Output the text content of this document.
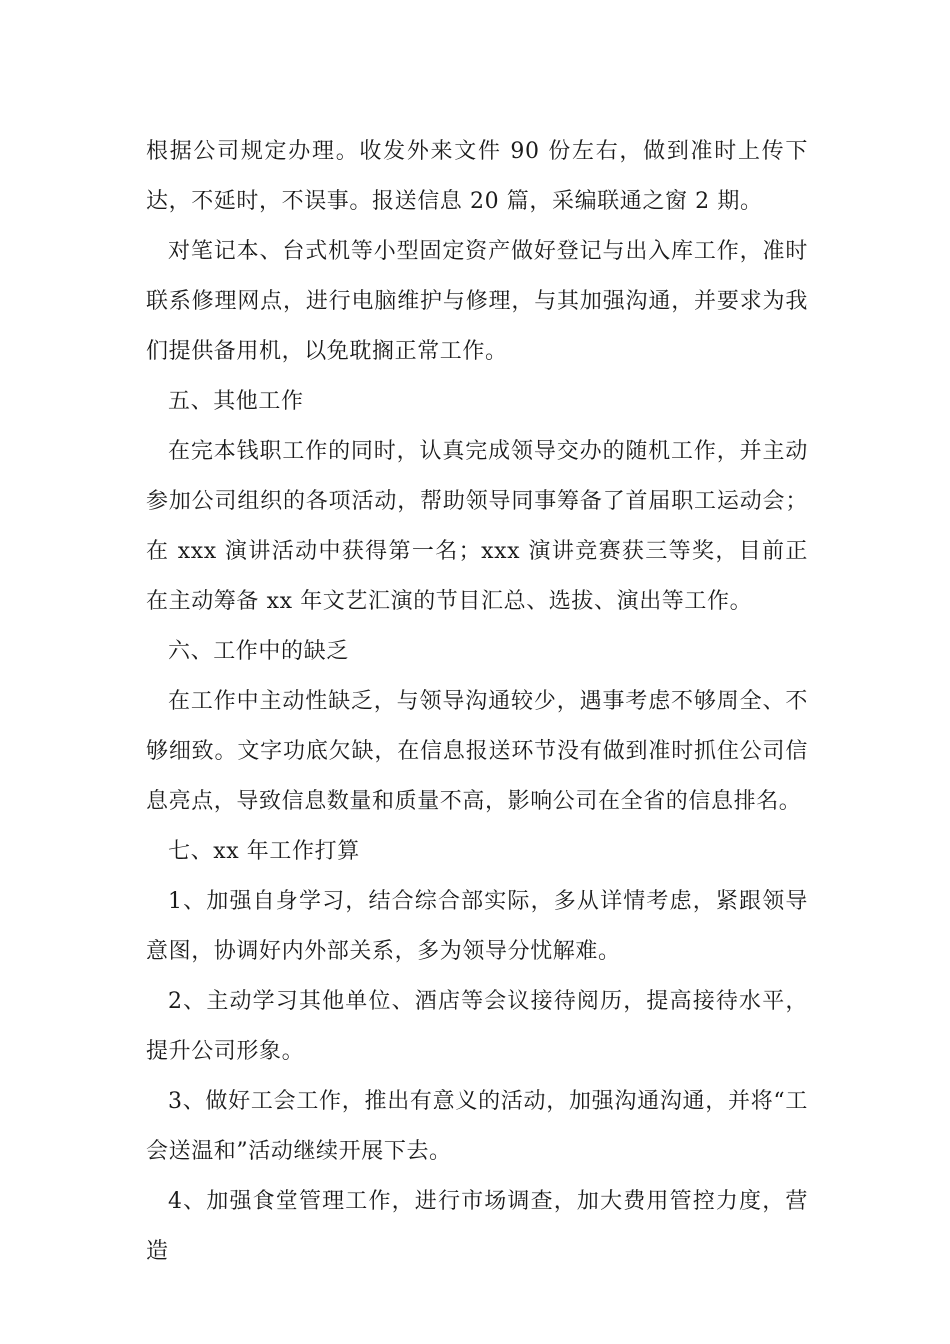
根据公司规定办理。收发外来文件 90 份左右，做到准时上传下达，不延时，不误事。报送信息 20 篇，采编联通之窗 2 期。

对笔记本、台式机等小型固定资产做好登记与出入库工作，准时联系修理网点，进行电脑维护与修理，与其加强沟通，并要求为我们提供备用机，以免耽搁正常工作。

五、其他工作

在完本钱职工作的同时，认真完成领导交办的随机工作，并主动参加公司组织的各项活动，帮助领导同事筹备了首届职工运动会；在 xxx 演讲活动中获得第一名；xxx 演讲竞赛获三等奖，目前正在主动筹备 xx 年文艺汇演的节目汇总、选拔、演出等工作。

六、工作中的缺乏

在工作中主动性缺乏，与领导沟通较少，遇事考虑不够周全、不够细致。文字功底欠缺，在信息报送环节没有做到准时抓住公司信息亮点，导致信息数量和质量不高，影响公司在全省的信息排名。

七、xx 年工作打算

1、加强自身学习，结合综合部实际，多从详情考虑，紧跟领导意图，协调好内外部关系，多为领导分忧解难。

2、主动学习其他单位、酒店等会议接待阅历，提高接待水平，提升公司形象。

3、做好工会工作，推出有意义的活动，加强沟通沟通，并将“工会送温和”活动继续开展下去。

4、加强食堂管理工作，进行市场调查，加大费用管控力度，营造
